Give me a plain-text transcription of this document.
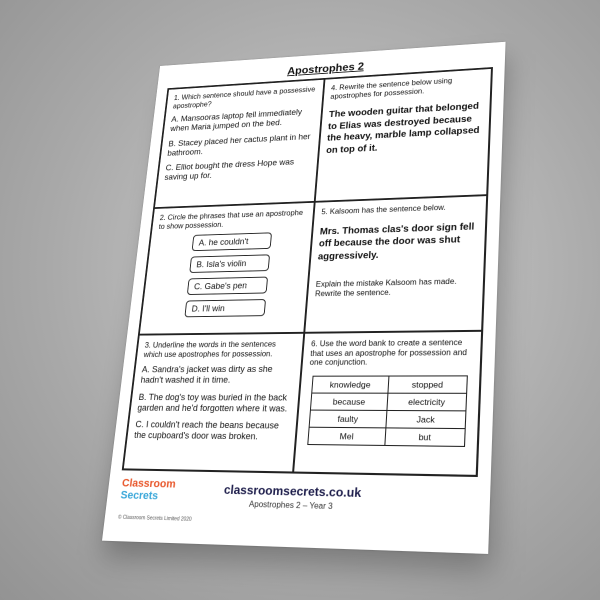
Apostrophes 2
1. Which sentence should have a possessive apostrophe?
A. Mansooras laptop fell immediately when Maria jumped on the bed.
B. Stacey placed her cactus plant in her bathroom.
C. Elliot bought the dress Hope was saving up for.
4. Rewrite the sentence below using apostrophes for possession.
The wooden guitar that belonged to Elias was destroyed because the heavy, marble lamp collapsed on top of it.
2. Circle the phrases that use an apostrophe to show possession.
A. he couldn't
B. Isla's violin
C. Gabe's pen
D. I'll win
5. Kalsoom has the sentence below.
Mrs. Thomas clas's door sign fell off because the door was shut aggressively.
Explain the mistake Kalsoom has made. Rewrite the sentence.
3. Underline the words in the sentences which use apostrophes for possession.
A. Sandra's jacket was dirty as she hadn't washed it in time.
B. The dog's toy was buried in the back garden and he'd forgotten where it was.
C. I couldn't reach the beans because the cupboard's door was broken.
6. Use the word bank to create a sentence that uses an apostrophe for possession and one conjunction.
knowledge	stopped
because	electricity
faulty	Jack
Mel	but
Classroom
Secrets	classroomsecrets.co.uk
Apostrophes 2 – Year 3
© Classroom Secrets Limited 2020
